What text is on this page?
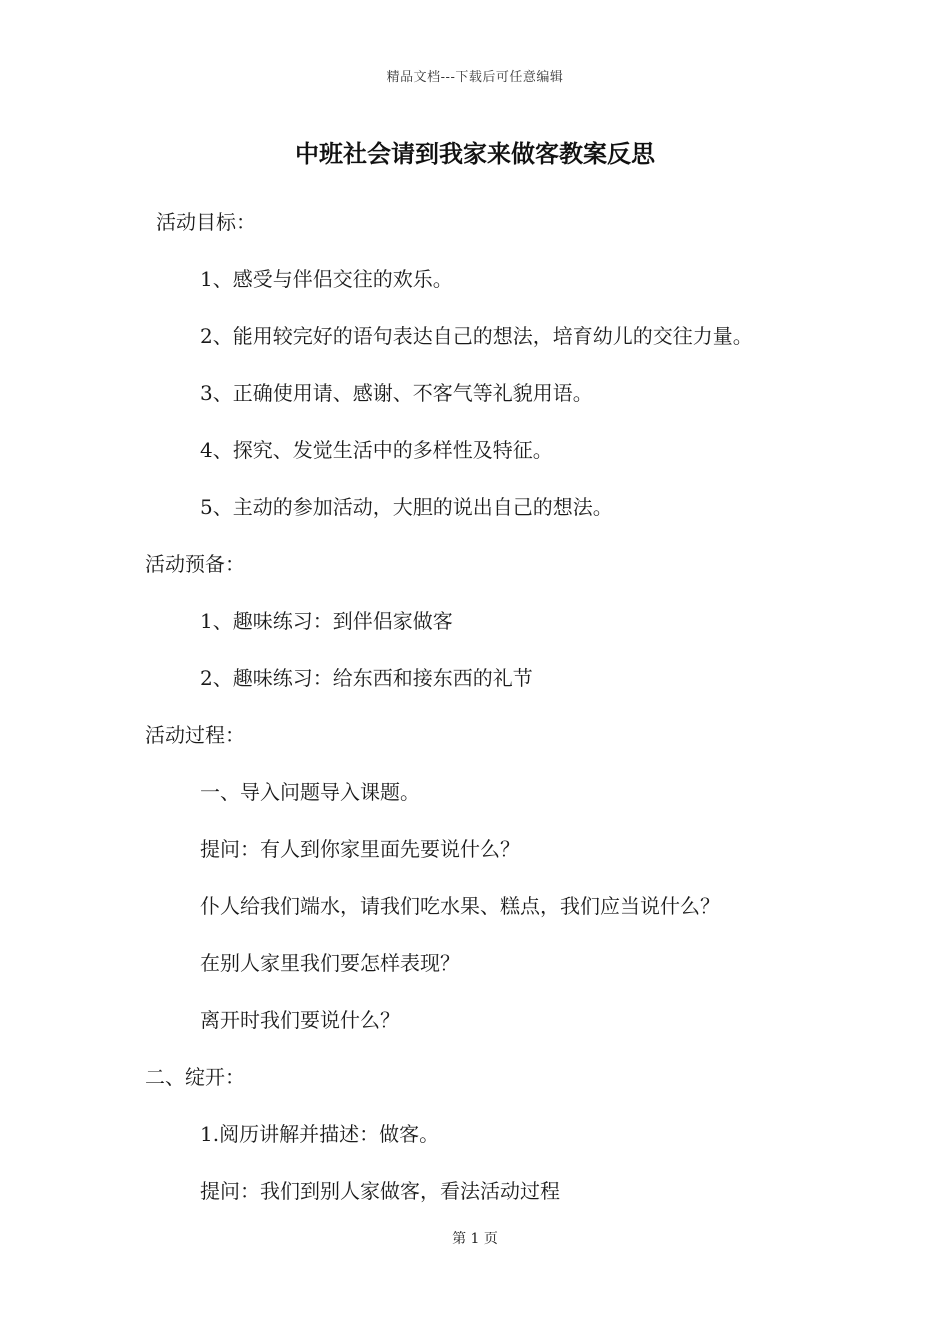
精品文档---下载后可任意编辑
中班社会请到我家来做客教案反思
活动目标：
1、感受与伴侣交往的欢乐。
2、能用较完好的语句表达自己的想法，培育幼儿的交往力量。
3、正确使用请、感谢、不客气等礼貌用语。
4、探究、发觉生活中的多样性及特征。
5、主动的参加活动，大胆的说出自己的想法。
活动预备：
1、趣味练习：到伴侣家做客
2、趣味练习：给东西和接东西的礼节
活动过程：
一、导入问题导入课题。
提问：有人到你家里面先要说什么？
仆人给我们端水，请我们吃水果、糕点，我们应当说什么？
在别人家里我们要怎样表现？
离开时我们要说什么？
二、绽开：
1.阅历讲解并描述：做客。
提问：我们到别人家做客，看法活动过程
第 1 页
